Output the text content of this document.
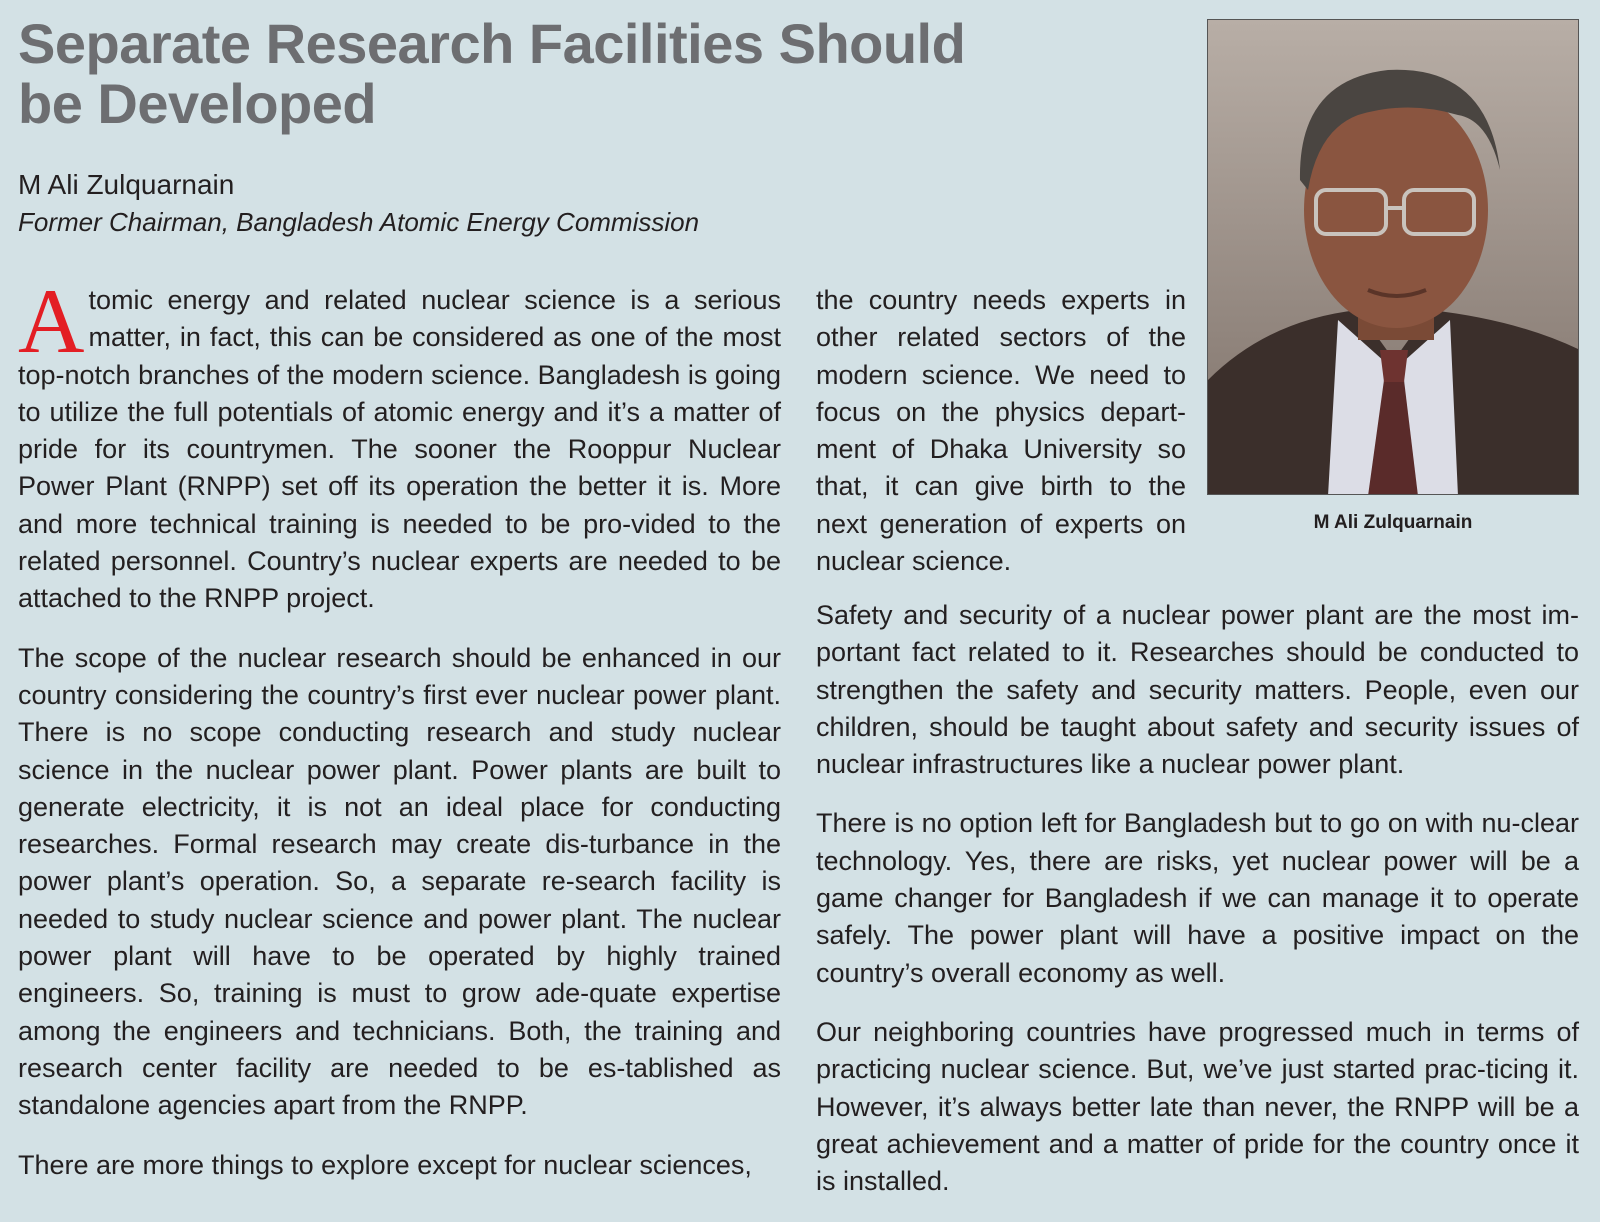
Separate Research Facilities Should be Developed
M Ali Zulquarnain
Former Chairman, Bangladesh Atomic Energy Commission
M Ali Zulquarnain

Atomic energy and related nuclear science is a serious matter, in fact, this can be considered as one of the most top-notch branches of the modern science. Bangladesh is going to utilize the full potentials of atomic energy and it’s a matter of pride for its countrymen. The sooner the Rooppur Nuclear Power Plant (RNPP) set off its operation the better it is. More and more technical training is needed to be pro-vided to the related personnel. Country’s nuclear experts are needed to be attached to the RNPP project.

The scope of the nuclear research should be enhanced in our country considering the country’s first ever nuclear power plant. There is no scope conducting research and study nuclear science in the nuclear power plant. Power plants are built to generate electricity, it is not an ideal place for conducting researches. Formal research may create dis-turbance in the power plant’s operation. So, a separate re-search facility is needed to study nuclear science and power plant. The nuclear power plant will have to be operated by highly trained engineers. So, training is must to grow ade-quate expertise among the engineers and technicians. Both, the training and research center facility are needed to be es-tablished as standalone agencies apart from the RNPP.

There are more things to explore except for nuclear sciences,

the country needs experts in other related sectors of the modern science. We need to focus on the physics depart-ment of Dhaka University so that, it can give birth to the next generation of experts on nuclear science.

Safety and security of a nuclear power plant are the most im-portant fact related to it. Researches should be conducted to strengthen the safety and security matters. People, even our children, should be taught about safety and security issues of nuclear infrastructures like a nuclear power plant.

There is no option left for Bangladesh but to go on with nu-clear technology. Yes, there are risks, yet nuclear power will be a game changer for Bangladesh if we can manage it to operate safely. The power plant will have a positive impact on the country’s overall economy as well.

Our neighboring countries have progressed much in terms of practicing nuclear science. But, we’ve just started prac-ticing it. However, it’s always better late than never, the RNPP will be a great achievement and a matter of pride for the country once it is installed.
